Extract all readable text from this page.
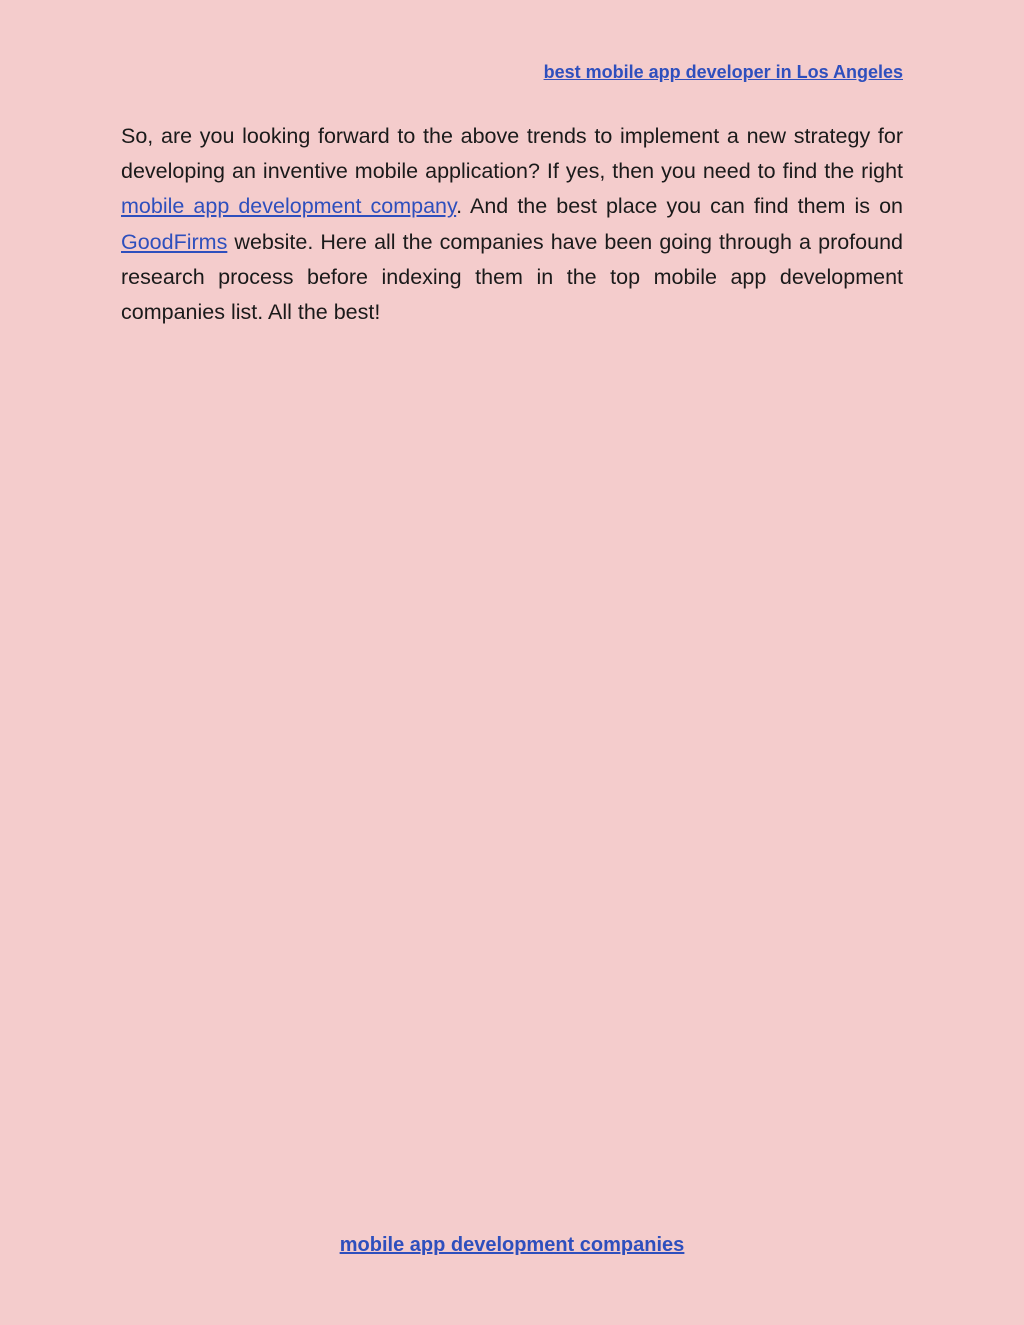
best mobile app developer in Los Angeles

So, are you looking forward to the above trends to implement a new strategy for developing an inventive mobile application? If yes, then you need to find the right mobile app development company. And the best place you can find them is on GoodFirms website. Here all the companies have been going through a profound research process before indexing them in the top mobile app development companies list. All the best!

mobile app development companies
